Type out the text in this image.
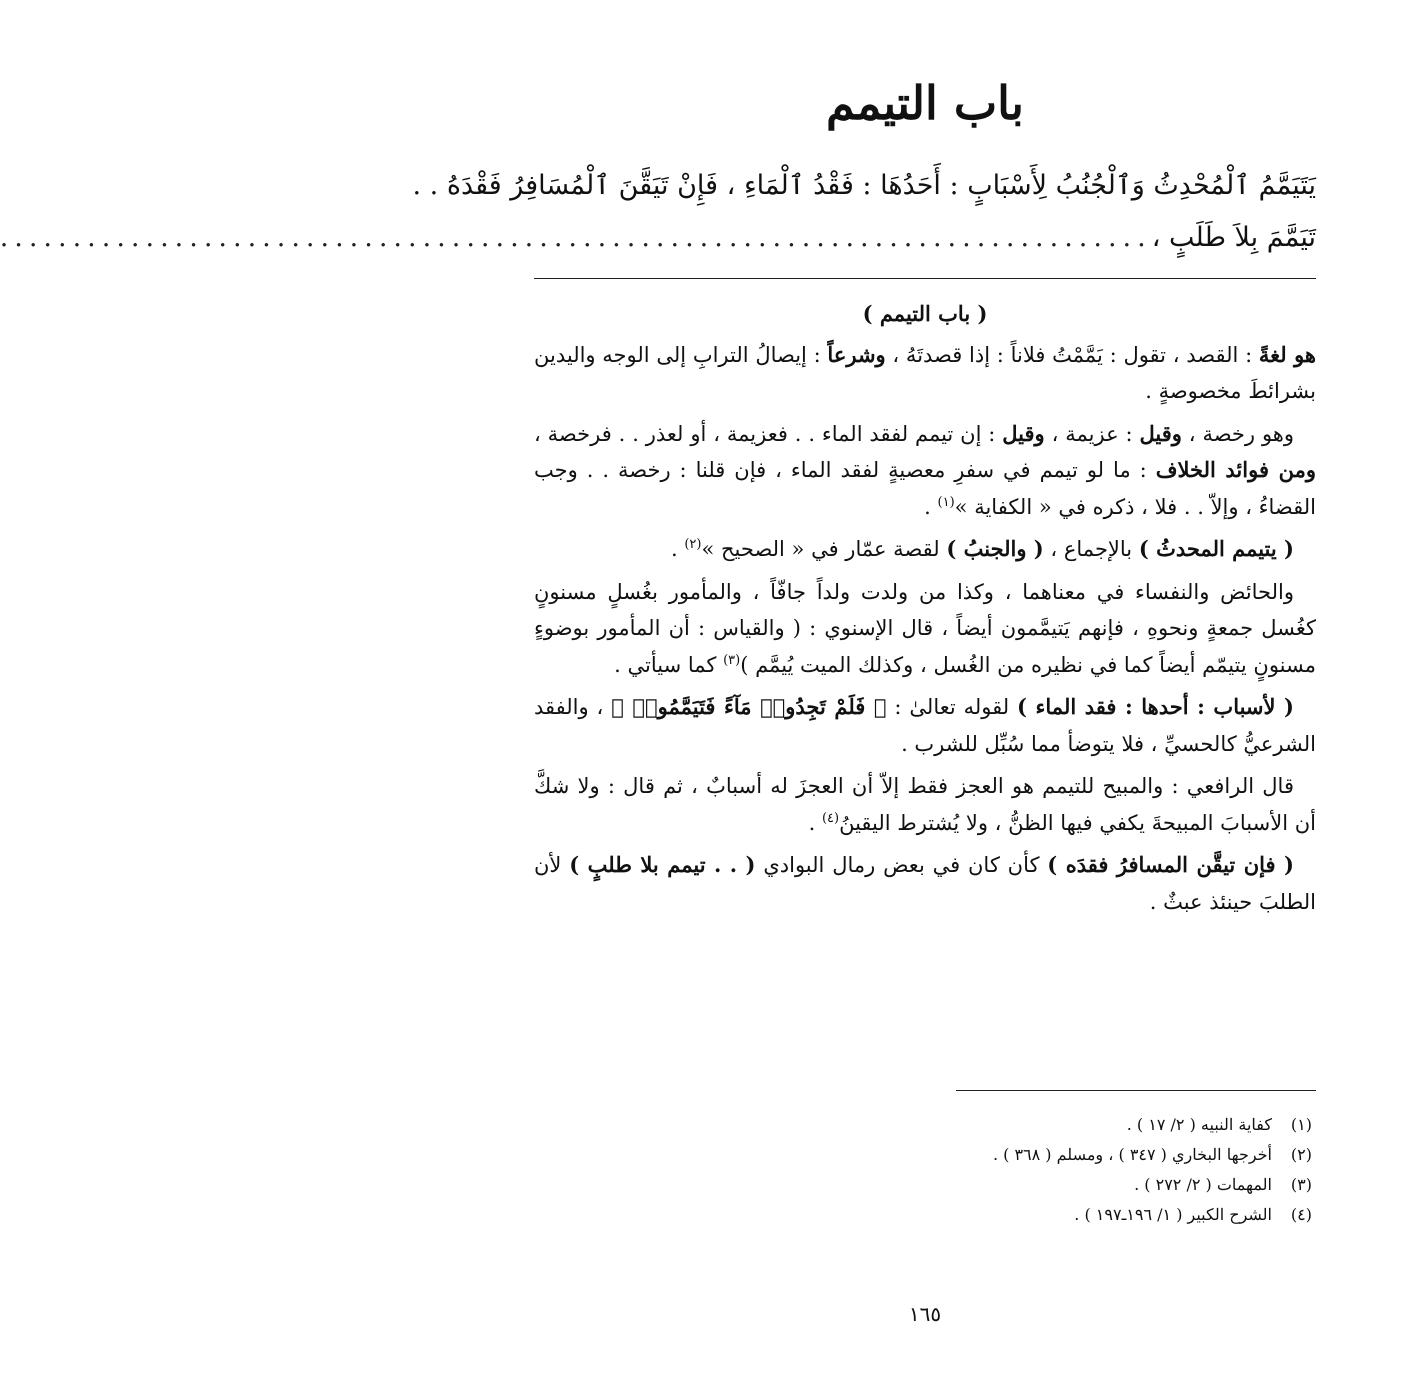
باب التيمم
يَتَيَمَّمُ ٱلْمُحْدِثُ وَٱلْجُنُبُ لِأَسْبَابٍ : أَحَدُهَا : فَقْدُ ٱلْمَاءِ ، فَإِنْ تَيَقَّنَ ٱلْمُسَافِرُ فَقْدَهُ . .
تَيَمَّمَ بِلاَ طَلَبٍ ،
...............................................................................
( باب التيمم )

هو لغةً : القصد ، تقول : يَمَّمْتُ فلاناً : إذا قصدتَهُ ، وشرعاً : إيصالُ الترابِ إلى الوجه واليدين بشرائطَ مخصوصةٍ .

وهو رخصة ، وقيل : عزيمة ، وقيل : إن تيمم لفقد الماء . . فعزيمة ، أو لعذر . . فرخصة ، ومن فوائد الخلاف : ما لو تيمم في سفرِ معصيةٍ لفقد الماء ، فإن قلنا : رخصة . . وجب القضاءُ ، وإلاّ . . فلا ، ذكره في « الكفاية »$^{(١)}$ .

( يتيمم المحدثُ ) بالإجماع ، ( والجنبُ ) لقصة عمّار في « الصحيح »$^{(٢)}$ .

والحائض والنفساء في معناهما ، وكذا من ولدت ولداً جافّاً ، والمأمور بغُسلٍ مسنونٍ كغُسل جمعةٍ ونحوهِ ، فإنهم يَتيمَّمون أيضاً ، قال الإسنوي : ( والقياس : أن المأمور بوضوءٍ مسنونٍ يتيمّم أيضاً كما في نظيره من الغُسل ، وكذلك الميت يُيمَّم )$^{(٣)}$ كما سيأتي .

( لأسباب : أحدها : فقد الماء ) لقوله تعالىٰ : ﴿ فَلَمْ تَجِدُوا۟ مَآءً فَتَيَمَّمُوا۟ ﴾ ، والفقد الشرعيُّ كالحسيِّ ، فلا يتوضأ مما سُبِّل للشرب .

قال الرافعي : والمبيح للتيمم هو العجز فقط إلاّ أن العجزَ له أسبابٌ ، ثم قال : ولا شكَّ أن الأسبابَ المبيحةَ يكفي فيها الظنُّ ، ولا يُشترط اليقينُ$^{(٤)}$ .

( فإن تيقَّن المسافرُ فقدَه ) كأن كان في بعض رمال البوادي ( . . تيمم بلا طلبٍ ) لأن الطلبَ حينئذ عبثٌ .

(١)
كفاية النبيه ( ٢/ ١٧ ) .
(٢)
أخرجها البخاري ( ٣٤٧ ) ، ومسلم ( ٣٦٨ ) .
(٣)
المهمات ( ٢/ ٢٧٢ ) .
(٤)
الشرح الكبير ( ١/ ١٩٦ـ١٩٧ ) .
١٦٥
